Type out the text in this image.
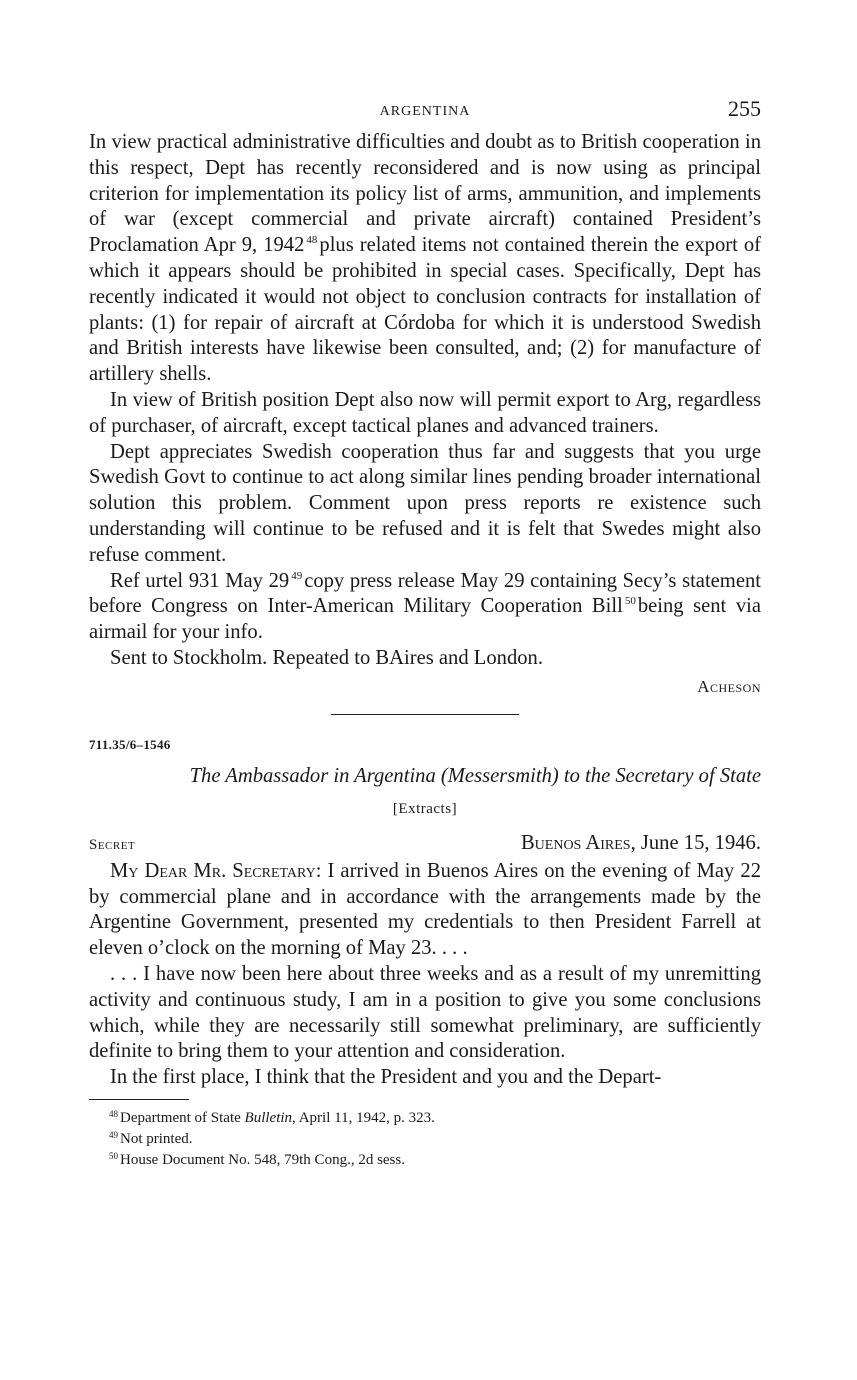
ARGENTINA	255

In view practical administrative difficulties and doubt as to British cooperation in this respect, Dept has recently reconsidered and is now using as principal criterion for implementation its policy list of arms, ammunition, and implements of war (except commercial and private aircraft) contained President’s Proclamation Apr 9, 1942 $^{48}$plus related items not contained therein the export of which it appears should be prohibited in special cases. Specifically, Dept has recently indicated it would not object to conclusion contracts for installation of plants: (1) for repair of aircraft at Córdoba for which it is understood Swedish and British interests have likewise been consulted, and; (2) for manufacture of artillery shells.

In view of British position Dept also now will permit export to Arg, regardless of purchaser, of aircraft, except tactical planes and advanced trainers.

Dept appreciates Swedish cooperation thus far and suggests that you urge Swedish Govt to continue to act along similar lines pending broader international solution this problem. Comment upon press reports re existence such understanding will continue to be refused and it is felt that Swedes might also refuse comment.

Ref urtel 931 May 29 $^{49}$copy press release May 29 containing Secy’s statement before Congress on Inter-American Military Cooperation Bill $^{50}$being sent via airmail for your info.

Sent to Stockholm. Repeated to BAires and London.

Acheson
711.35/6–1546
The Ambassador in Argentina (Messersmith) to the Secretary of State
[Extracts]
Secret	Buenos Aires, June 15, 1946.

My Dear Mr. Secretary: I arrived in Buenos Aires on the evening of May 22 by commercial plane and in accordance with the arrangements made by the Argentine Government, presented my credentials to then President Farrell at eleven o’clock on the morning of May 23. . . .

. . . I have now been here about three weeks and as a result of my unremitting activity and continuous study, I am in a position to give you some conclusions which, while they are necessarily still somewhat preliminary, are sufficiently definite to bring them to your attention and consideration.

In the first place, I think that the President and you and the Depart-

$^{48}$ Department of State Bulletin, April 11, 1942, p. 323.
$^{49}$ Not printed.
$^{50}$ House Document No. 548, 79th Cong., 2d sess.
